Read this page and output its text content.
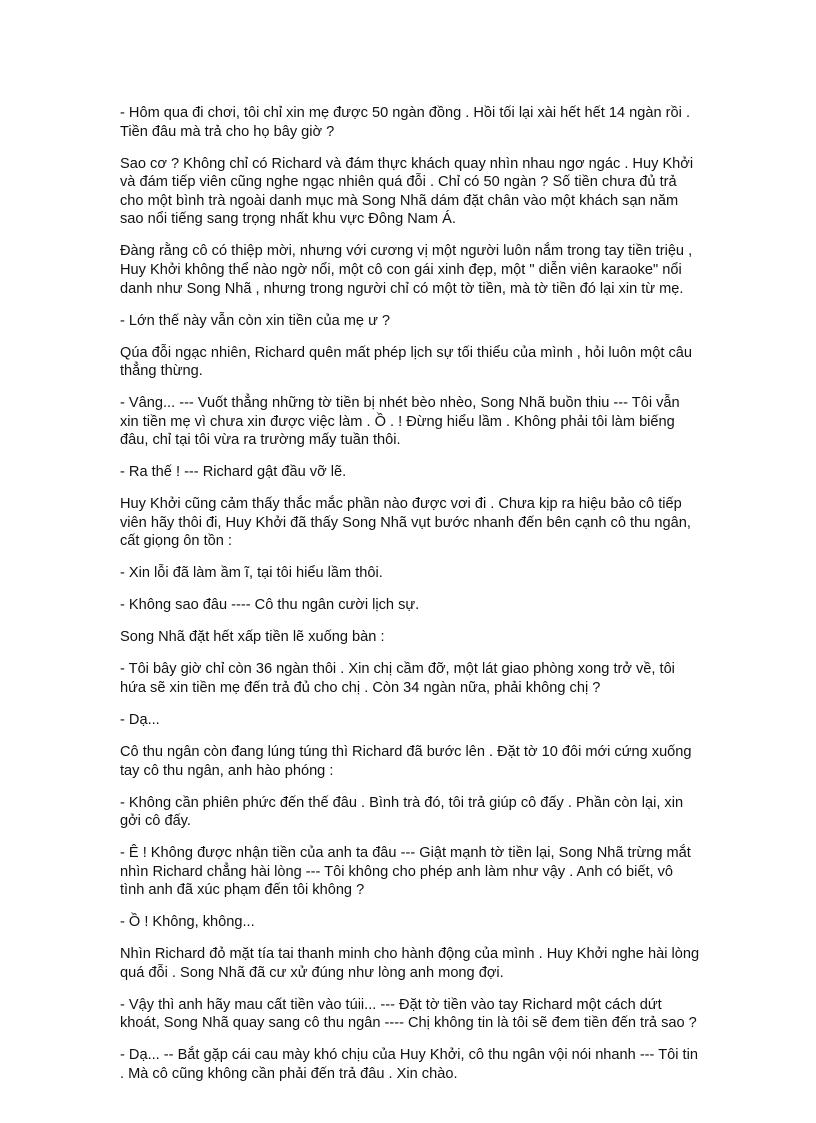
- Hôm qua đi chơi, tôi chỉ xin mẹ được 50 ngàn đồng . Hồi tối lại xài hết hết 14 ngàn rồi . Tiền đâu mà trả cho họ bây giờ ?

Sao cơ ? Không chỉ có Richard và đám thực khách quay nhìn nhau ngơ ngác . Huy Khởi và đám tiếp viên cũng nghe ngạc nhiên quá đỗi . Chỉ có 50 ngàn ? Số tiền chưa đủ trả cho một bình trà ngoài danh mục mà Song Nhã dám đặt chân vào một khách sạn năm sao nổi tiếng sang trọng nhất khu vực Đông Nam Á.

Đàng rằng cô có thiệp mời, nhưng với cương vị một người luôn nắm trong tay tiền triệu , Huy Khởi không thể nào ngờ nổi, một cô con gái xinh đẹp, một " diễn viên karaoke" nổi danh như Song Nhã , nhưng trong người chỉ có một tờ tiền, mà tờ tiền đó lại xin từ mẹ.

- Lớn thế này vẫn còn xin tiền của mẹ ư ?

Qúa đỗi ngạc nhiên, Richard quên mất phép lịch sự tối thiểu của mình , hỏi luôn một câu thẳng thừng.

- Vâng... --- Vuốt thẳng những tờ tiền bị nhét bèo nhèo, Song Nhã buồn thiu --- Tôi vẫn xin tiền mẹ vì chưa xin được việc làm . Ồ . ! Đừng hiểu lầm . Không phải tôi làm biếng đâu, chỉ tại tôi vừa ra trường mấy tuần thôi.

- Ra thế ! --- Richard gật đầu vỡ lẽ.

Huy Khởi cũng cảm thấy thắc mắc phần nào được vơi đi . Chưa kịp ra hiệu bảo cô tiếp viên hãy thôi đi, Huy Khởi đã thấy Song Nhã vụt bước nhanh đến bên cạnh cô thu ngân, cất giọng ôn tồn :

- Xin lỗi đã làm ầm ĩ, tại tôi hiểu lầm thôi.

- Không sao đâu ---- Cô thu ngân cười lịch sự.

Song Nhã đặt hết xấp tiền lẽ xuống bàn :

- Tôi bây giờ chỉ còn 36 ngàn thôi . Xin chị cầm đỡ, một lát giao phòng xong trở về, tôi hứa sẽ xin tiền mẹ đến trả đủ cho chị . Còn 34 ngàn nữa, phải không chị ?

- Dạ...

Cô thu ngân còn đang lúng túng thì Richard đã bước lên . Đặt tờ 10 đôi mới cứng xuống tay cô thu ngân, anh hào phóng :

- Không cần phiên phức đến thế đâu . Bình trà đó, tôi trả giúp cô đấy . Phần còn lại, xin gởi cô đấy.

- Ê ! Không được nhận tiền của anh ta đâu --- Giật mạnh tờ tiền lại, Song Nhã trừng mắt nhìn Richard chẳng hài lòng --- Tôi không cho phép anh làm như vậy . Anh có biết, vô tình anh đã xúc phạm đến tôi không ?

- Ồ ! Không, không...

Nhìn Richard đỏ mặt tía tai thanh minh cho hành động của mình . Huy Khởi nghe hài lòng quá đỗi . Song Nhã đã cư xử đúng như lòng anh mong đợi.

- Vậy thì anh hãy mau cất tiền vào túii... --- Đặt tờ tiền vào tay Richard một cách dứt khoát, Song Nhã quay sang cô thu ngân ---- Chị không tin là tôi sẽ đem tiền đến trả sao ?

- Dạ... -- Bắt gặp cái cau mày khó chịu của Huy Khởi, cô thu ngân vội nói nhanh --- Tôi tin . Mà cô cũng không cần phải đến trả đâu . Xin chào.
